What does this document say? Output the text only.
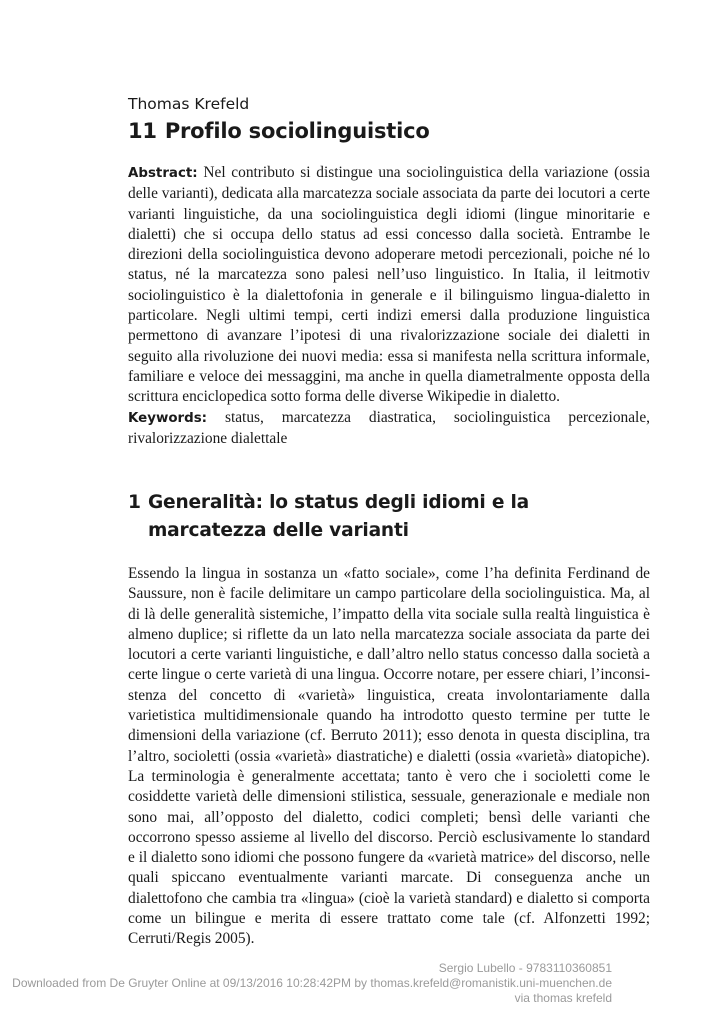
Thomas Krefeld
11 Profilo sociolinguistico
Abstract: Nel contributo si distingue una sociolinguistica della variazione (ossia delle varianti), dedicata alla marcatezza sociale associata da parte dei locutori a certe varianti linguistiche, da una sociolinguistica degli idiomi (lingue minoritarie e dialetti) che si occupa dello status ad essi concesso dalla società. Entrambe le direzioni della sociolinguistica devono adoperare metodi percezionali, poiche né lo status, né la marcatezza sono palesi nell’uso linguistico. In Italia, il leitmotiv sociolinguistico è la dialettofonia in generale e il bilinguismo lingua-dialetto in particolare. Negli ultimi tempi, certi indizi emersi dalla produzione linguistica permettono di avanzare l’ipotesi di una rivalorizzazione sociale dei dialetti in seguito alla rivoluzione dei nuovi media: essa si manifesta nella scrittura informale, familiare e veloce dei messaggini, ma anche in quella diametralmente opposta della scrittura enciclopedica sotto forma delle diverse Wikipedie in dialetto.
Keywords: status, marcatezza diastratica, sociolinguistica percezionale, rivalorizzazione dialettale
1 Generalità: lo status degli idiomi e la marcatezza delle varianti
Essendo la lingua in sostanza un «fatto sociale», come l’ha definita Ferdinand de Saussure, non è facile delimitare un campo particolare della sociolinguistica. Ma, al di là delle generalità sistemiche, l’impatto della vita sociale sulla realtà linguistica è almeno duplice; si riflette da un lato nella marcatezza sociale associata da parte dei locutori a certe varianti linguistiche, e dall’altro nello status concesso dalla società a certe lingue o certe varietà di una lingua. Occorre notare, per essere chiari, l’inconsistenza del concetto di «varietà» linguistica, creata involontariamente dalla varietistica multidimensionale quando ha introdotto questo termine per tutte le dimensioni della variazione (cf. Berruto 2011); esso denota in questa disciplina, tra l’altro, socioletti (ossia «varietà» diastratiche) e dialetti (ossia «varietà» diatopiche). La terminologia è generalmente accettata; tanto è vero che i socioletti come le cosiddette varietà delle dimensioni stilistica, sessuale, generazionale e mediale non sono mai, all’opposto del dialetto, codici completi; bensì delle varianti che occorrono spesso assieme al livello del discorso. Perciò esclusivamente lo standard e il dialetto sono idiomi che possono fungere da «varietà matrice» del discorso, nelle quali spiccano eventualmente varianti marcate. Di conseguenza anche un dialettofono che cambia tra «lingua» (cioè la varietà standard) e dialetto si comporta come un bilingue e merita di essere trattato come tale (cf. Alfonzetti 1992; Cerruti/Regis 2005).
Sergio Lubello - 9783110360851
Downloaded from De Gruyter Online at 09/13/2016 10:28:42PM by thomas.krefeld@romanistik.uni-muenchen.de
via thomas krefeld
